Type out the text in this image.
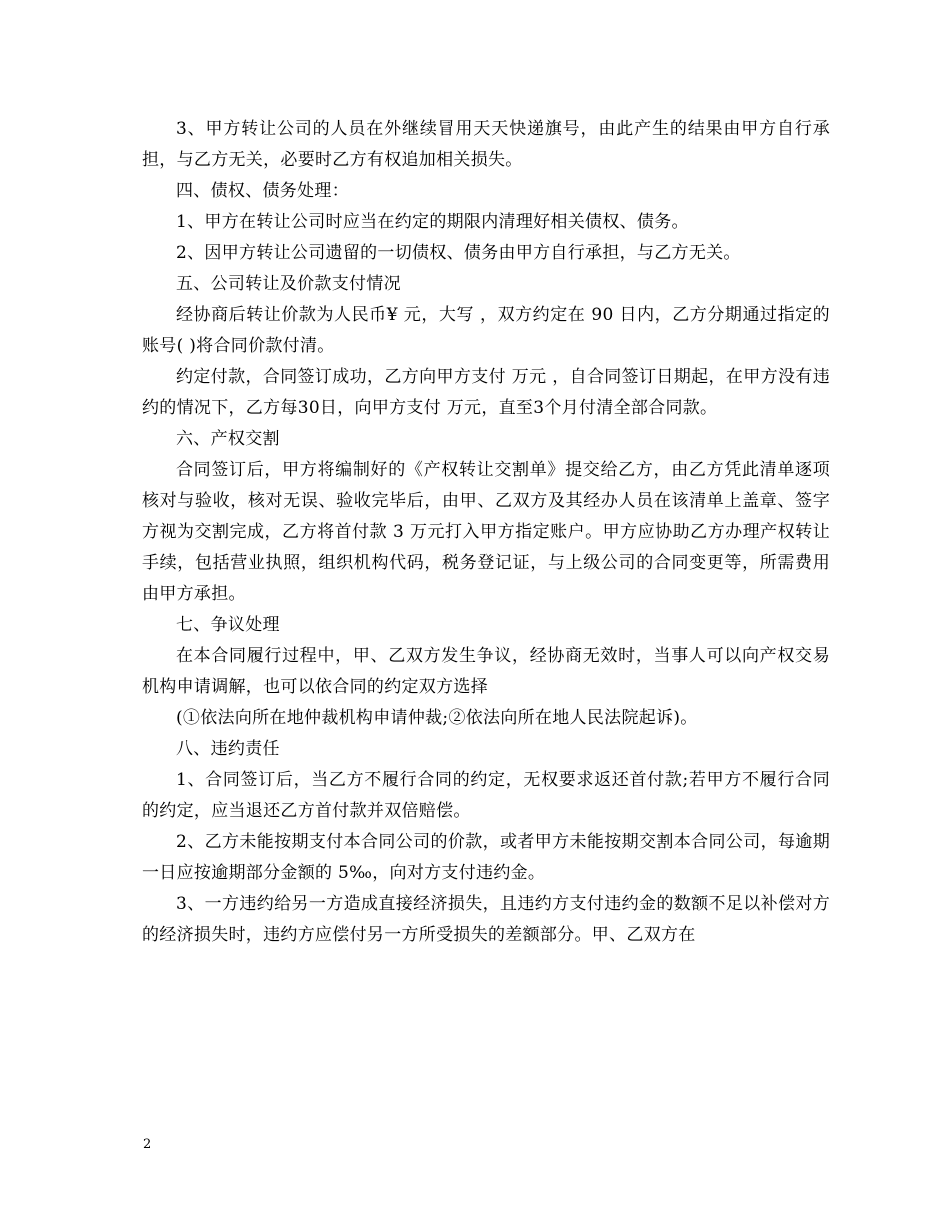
3、甲方转让公司的人员在外继续冒用天天快递旗号，由此产生的结果由甲方自行承担，与乙方无关，必要时乙方有权追加相关损失。

四、债权、债务处理：

1、甲方在转让公司时应当在约定的期限内清理好相关债权、债务。

2、因甲方转让公司遗留的一切债权、债务由甲方自行承担，与乙方无关。

五、公司转让及价款支付情况

经协商后转让价款为人民币¥ 元，大写 ，双方约定在 90 日内，乙方分期通过指定的账号( )将合同价款付清。

约定付款，合同签订成功，乙方向甲方支付 万元 ，自合同签订日期起，在甲方没有违约的情况下，乙方每30日，向甲方支付 万元，直至3个月付清全部合同款。

六、产权交割

合同签订后，甲方将编制好的《产权转让交割单》提交给乙方，由乙方凭此清单逐项核对与验收，核对无误、验收完毕后，由甲、乙双方及其经办人员在该清单上盖章、签字方视为交割完成，乙方将首付款 3 万元打入甲方指定账户。甲方应协助乙方办理产权转让手续，包括营业执照，组织机构代码，税务登记证，与上级公司的合同变更等，所需费用由甲方承担。

七、争议处理

在本合同履行过程中，甲、乙双方发生争议，经协商无效时，当事人可以向产权交易机构申请调解，也可以依合同的约定双方选择

(①依法向所在地仲裁机构申请仲裁;②依法向所在地人民法院起诉)。

八、违约责任

1、合同签订后，当乙方不履行合同的约定，无权要求返还首付款;若甲方不履行合同的约定，应当退还乙方首付款并双倍赔偿。

2、乙方未能按期支付本合同公司的价款，或者甲方未能按期交割本合同公司，每逾期一日应按逾期部分金额的 5‰，向对方支付违约金。

3、一方违约给另一方造成直接经济损失，且违约方支付违约金的数额不足以补偿对方的经济损失时，违约方应偿付另一方所受损失的差额部分。甲、乙双方在

2
